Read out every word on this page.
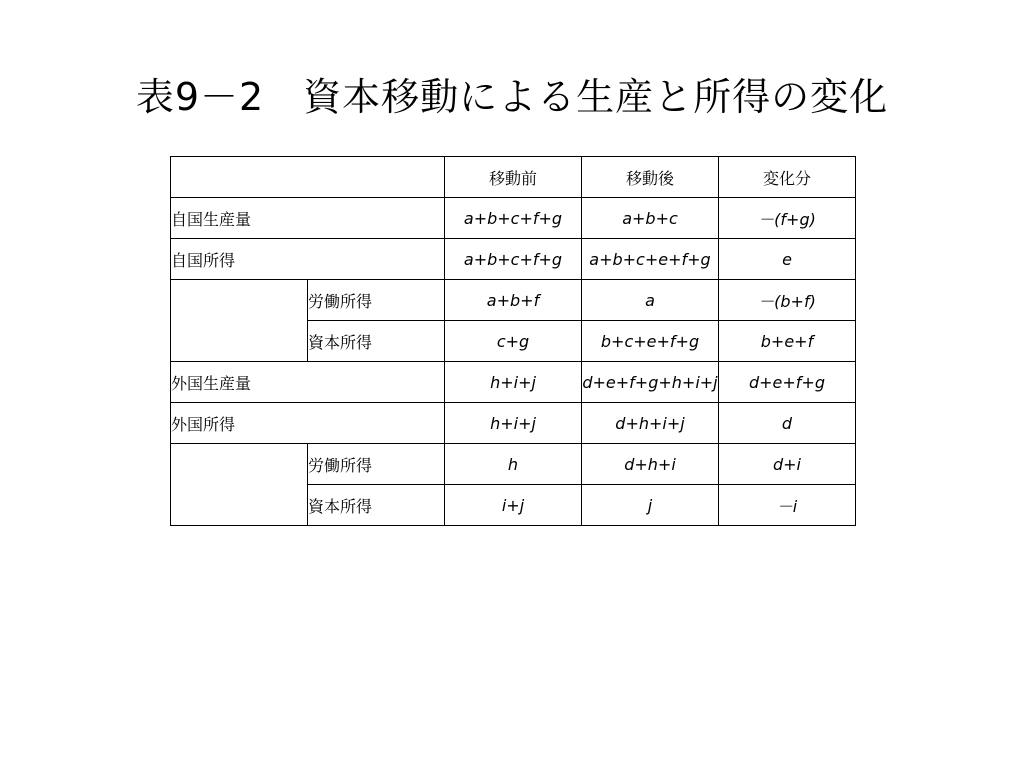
表9－2　資本移動による生産と所得の変化
		移動前	移動後	変化分
自国生産量		a+b+c+f+g	a+b+c	－(f+g)
自国所得		a+b+c+f+g	a+b+c+e+f+g	e
	労働所得	a+b+f	a	－(b+f)
	資本所得	c+g	b+c+e+f+g	b+e+f
外国生産量		h+i+j	d+e+f+g+h+i+j	d+e+f+g
外国所得		h+i+j	d+h+i+j	d
	労働所得	h	d+h+i	d+i
	資本所得	i+j	j	－i
